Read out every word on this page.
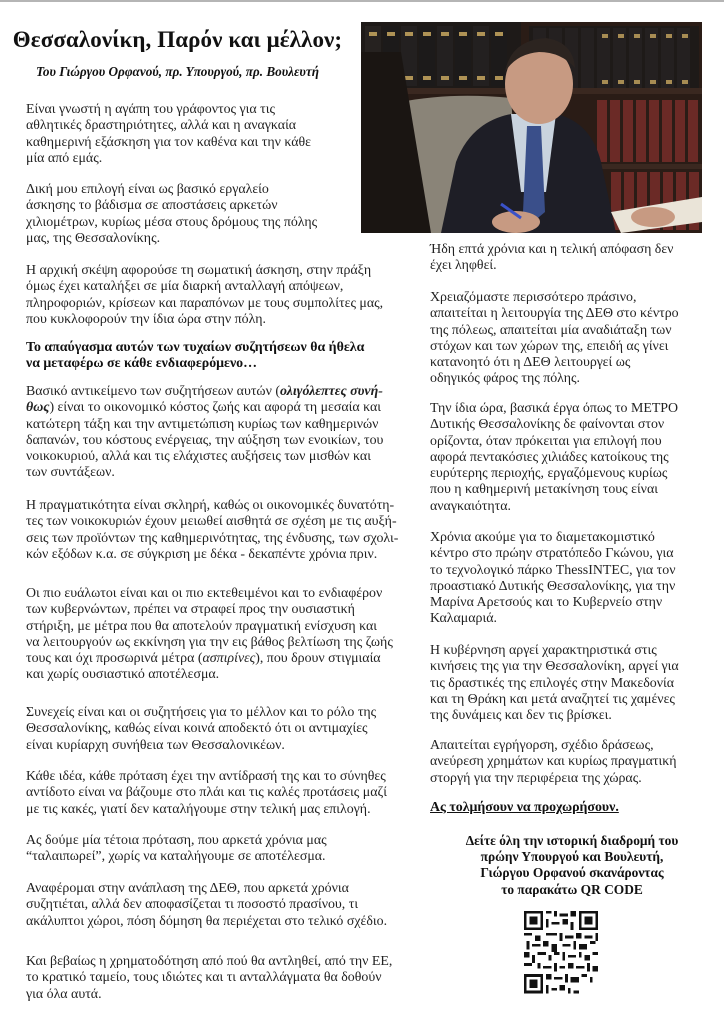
Θεσσαλονίκη, Παρόν και μέλλον;
Του Γιώργου Ορφανού, πρ. Υπουργού, πρ. Βουλευτή
Είναι γνωστή η αγάπη του γράφοντος για τις
αθλητικές δραστηριότητες, αλλά και η αναγκαία
καθημερινή εξάσκηση για τον καθένα και την κάθε
μία από εμάς.
Δική μου επιλογή είναι ως βασικό εργαλείο
άσκησης το βάδισμα σε αποστάσεις αρκετών
χιλιομέτρων, κυρίως μέσα στους δρόμους της πόλης
μας, της Θεσσαλονίκης.
Η αρχική σκέψη αφορούσε τη σωματική άσκηση, στην πράξη
όμως έχει καταλήξει σε μία διαρκή ανταλλαγή απόψεων,
πληροφοριών, κρίσεων και παραπόνων με τους συμπολίτες μας,
που κυκλοφορούν την ίδια ώρα στην πόλη.
Το απαύγασμα αυτών των τυχαίων συζητήσεων θα ήθελα
να μεταφέρω σε κάθε ενδιαφερόμενο…
Βασικό αντικείμενο των συζητήσεων αυτών (ολιγόλεπτες συνή-
θως) είναι το οικονομικό κόστος ζωής και αφορά τη μεσαία και
κατώτερη τάξη και την αντιμετώπιση κυρίως των καθημερινών
δαπανών, του κόστους ενέργειας, την αύξηση των ενοικίων, του
νοικοκυριού, αλλά και τις ελάχιστες αυξήσεις των μισθών και
των συντάξεων.
Η πραγματικότητα είναι σκληρή, καθώς οι οικονομικές δυνατότη-
τες των νοικοκυριών έχουν μειωθεί αισθητά σε σχέση με τις αυξή-
σεις των προϊόντων της καθημερινότητας, της ένδυσης, των σχολι-
κών εξόδων κ.α. σε σύγκριση με δέκα - δεκαπέντε χρόνια πριν.
Οι πιο ευάλωτοι είναι και οι πιο εκτεθειμένοι και το ενδιαφέρον
των κυβερνώντων, πρέπει να στραφεί προς την ουσιαστική
στήριξη, με μέτρα που θα αποτελούν πραγματική ενίσχυση και
να λειτουργούν ως εκκίνηση για την εις βάθος βελτίωση της ζωής
τους και όχι προσωρινά μέτρα (ασπιρίνες), που δρουν στιγμιαία
και χωρίς ουσιαστικό αποτέλεσμα.
Συνεχείς είναι και οι συζητήσεις για το μέλλον και το ρόλο της
Θεσσαλονίκης, καθώς είναι κοινά αποδεκτό ότι οι αντιμαχίες
είναι κυρίαρχη συνήθεια των Θεσσαλονικέων.
Κάθε ιδέα, κάθε πρόταση έχει την αντίδρασή της και το σύνηθες
αντίδοτο είναι να βάζουμε στο πλάι και τις καλές προτάσεις μαζί
με τις κακές, γιατί δεν καταλήγουμε στην τελική μας επιλογή.
Ας δούμε μία τέτοια πρόταση, που αρκετά χρόνια μας
“ταλαιπωρεί”, χωρίς να καταλήγουμε σε αποτέλεσμα.
Αναφέρομαι στην ανάπλαση της ΔΕΘ, που αρκετά χρόνια
συζητιέται, αλλά δεν αποφασίζεται τι ποσοστό πρασίνου, τι
ακάλυπτοι χώροι, πόση δόμηση θα περιέχεται στο τελικό σχέδιο.
Και βεβαίως η χρηματοδότηση από πού θα αντληθεί, από την ΕΕ,
το κρατικό ταμείο, τους ιδιώτες και τι ανταλλάγματα θα δοθούν
για όλα αυτά.
Ήδη επτά χρόνια και η τελική απόφαση δεν
έχει ληφθεί.
Χρειαζόμαστε περισσότερο πράσινο,
απαιτείται η λειτουργία της ΔΕΘ στο κέντρο
της πόλεως, απαιτείται μία αναδιάταξη των
στόχων και των χώρων της, επειδή ας γίνει
κατανοητό ότι η ΔΕΘ λειτουργεί ως
οδηγικός φάρος της πόλης.
Την ίδια ώρα, βασικά έργα όπως το ΜΕΤΡΟ
Δυτικής Θεσσαλονίκης δε φαίνονται στον
ορίζοντα, όταν πρόκειται για επιλογή που
αφορά πεντακόσιες χιλιάδες κατοίκους της
ευρύτερης περιοχής, εργαζόμενους κυρίως
που η καθημερινή μετακίνηση τους είναι
αναγκαιότητα.
Χρόνια ακούμε για το διαμετακομιστικό
κέντρο στο πρώην στρατόπεδο Γκώνου, για
το τεχνολογικό πάρκο ThessINTEC, για τον
προαστιακό Δυτικής Θεσσαλονίκης, για την
Μαρίνα Αρετσούς και το Κυβερνείο στην
Καλαμαριά.
Η κυβέρνηση αργεί χαρακτηριστικά στις
κινήσεις της για την Θεσσαλονίκη, αργεί για
τις δραστικές της επιλογές στην Μακεδονία
και τη Θράκη και μετά αναζητεί τις χαμένες
της δυνάμεις και δεν τις βρίσκει.
Απαιτείται εγρήγορση, σχέδιο δράσεως,
ανεύρεση χρημάτων και κυρίως πραγματική
στοργή για την περιφέρεια της χώρας.
Ας τολμήσουν να προχωρήσουν.
Δείτε όλη την ιστορική διαδρομή του
πρώην Υπουργού και Βουλευτή,
Γιώργου Ορφανού σκανάροντας
το παρακάτω QR CODE
